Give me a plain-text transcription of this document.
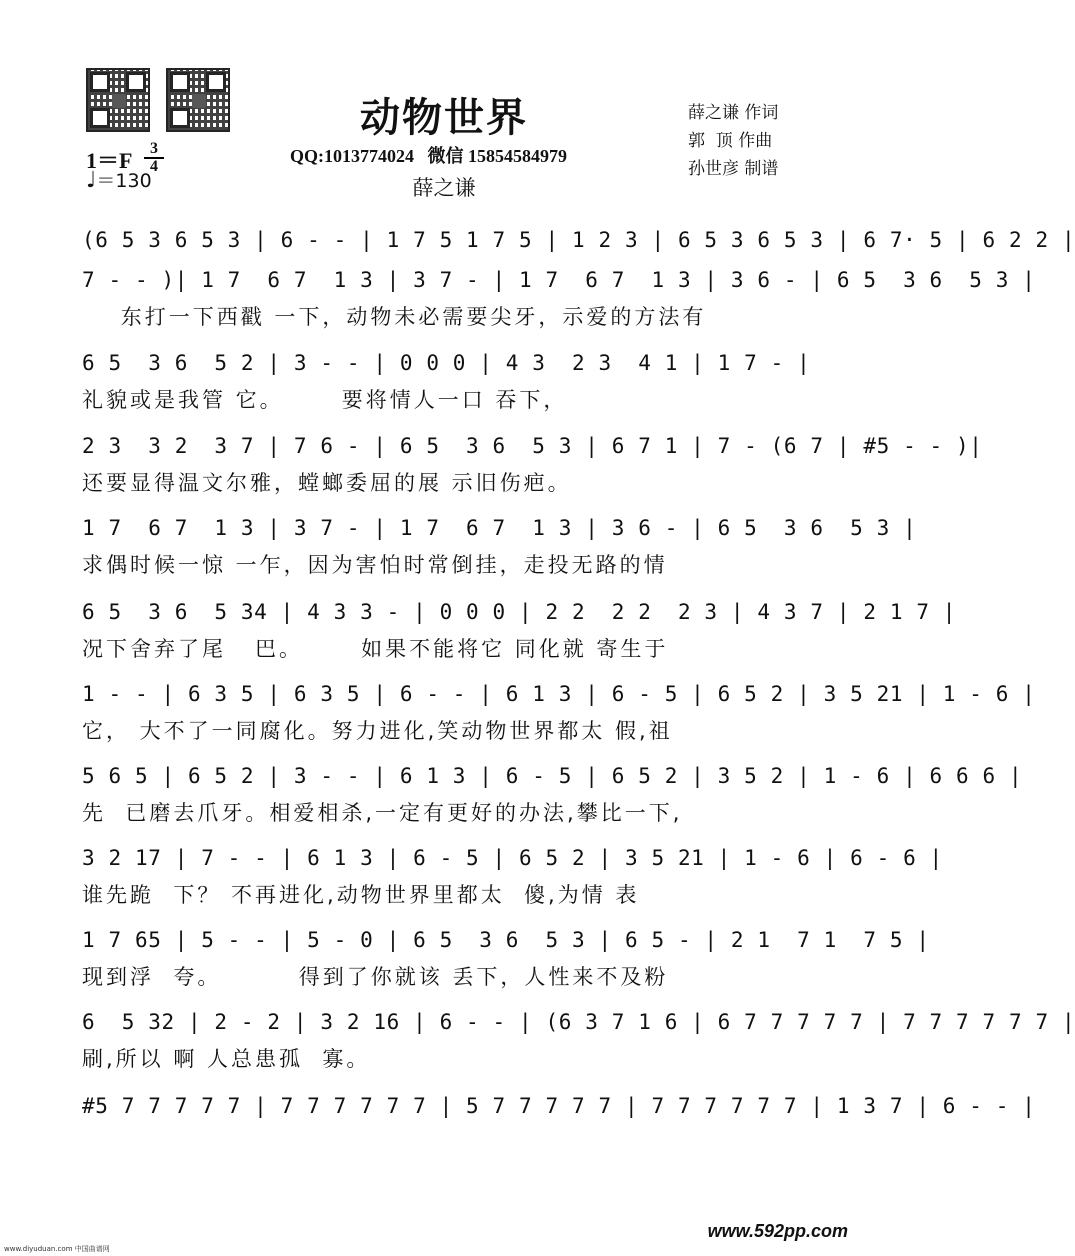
动物世界
QQ:1013774024   微信 15854584979
薛之谦
薛之谦 作词
郭  顶 作曲
孙世彦 制谱
1＝F	3
4
♩＝130
(6 5 3 6 5 3 | 6 - - | 1 7 5 1 7 5 | 1 2 3 | 6 5 3 6 5 3 | 6 7· 5 | 6 2 2 |
7 - - )| 1 7  6 7  1 3 | 3 7 - | 1 7  6 7  1 3 | 3 6 - | 6 5  3 6  5 3 |
东打一下西戳 一下，动物未必需要尖牙，示爱的方法有
6 5  3 6  5 2 | 3 - - | 0 0 0 | 4 3  2 3  4 1 | 1 7 - |
礼貌或是我管 它。      要将情人一口 吞下，
2 3  3 2  3 7 | 7 6 - | 6 5  3 6  5 3 | 6 7 1 | 7 - (6 7 | #5 - - )|
还要显得温文尔雅，螳螂委屈的展 示旧伤疤。
1 7  6 7  1 3 | 3 7 - | 1 7  6 7  1 3 | 3 6 - | 6 5  3 6  5 3 |
求偶时候一惊 一乍，因为害怕时常倒挂，走投无路的情
6 5  3 6  5 34 | 4 3 3 - | 0 0 0 | 2 2  2 2  2 3 | 4 3 7 | 2 1 7 |
况下舍弃了尾   巴。      如果不能将它 同化就 寄生于
1 - - | 6 3 5 | 6 3 5 | 6 - - | 6 1 3 | 6 - 5 | 6 5 2 | 3 5 21 | 1 - 6 |
它， 大不了一同腐化。努力进化,笑动物世界都太 假,祖
5 6 5 | 6 5 2 | 3 - - | 6 1 3 | 6 - 5 | 6 5 2 | 3 5 2 | 1 - 6 | 6 6 6 |
先  已磨去爪牙。相爱相杀,一定有更好的办法,攀比一下,
3 2 17 | 7 - - | 6 1 3 | 6 - 5 | 6 5 2 | 3 5 21 | 1 - 6 | 6 - 6 |
谁先跪  下？ 不再进化,动物世界里都太  傻,为情 表
1 7 65 | 5 - - | 5 - 0 | 6 5  3 6  5 3 | 6 5 - | 2 1  7 1  7 5 |
现到浮  夸。        得到了你就该 丢下，人性来不及粉
6  5 32 | 2 - 2 | 3 2 16 | 6 - - | (6 3 7 1 6 | 6 7 7 7 7 7 | 7 7 7 7 7 7 |
刷,所以 啊 人总患孤  寡。
#5 7 7 7 7 7 | 7 7 7 7 7 7 | 5 7 7 7 7 7 | 7 7 7 7 7 7 | 1 3 7 | 6 - - |
www.592pp.com
www.diyuduan.com 中国曲谱网
